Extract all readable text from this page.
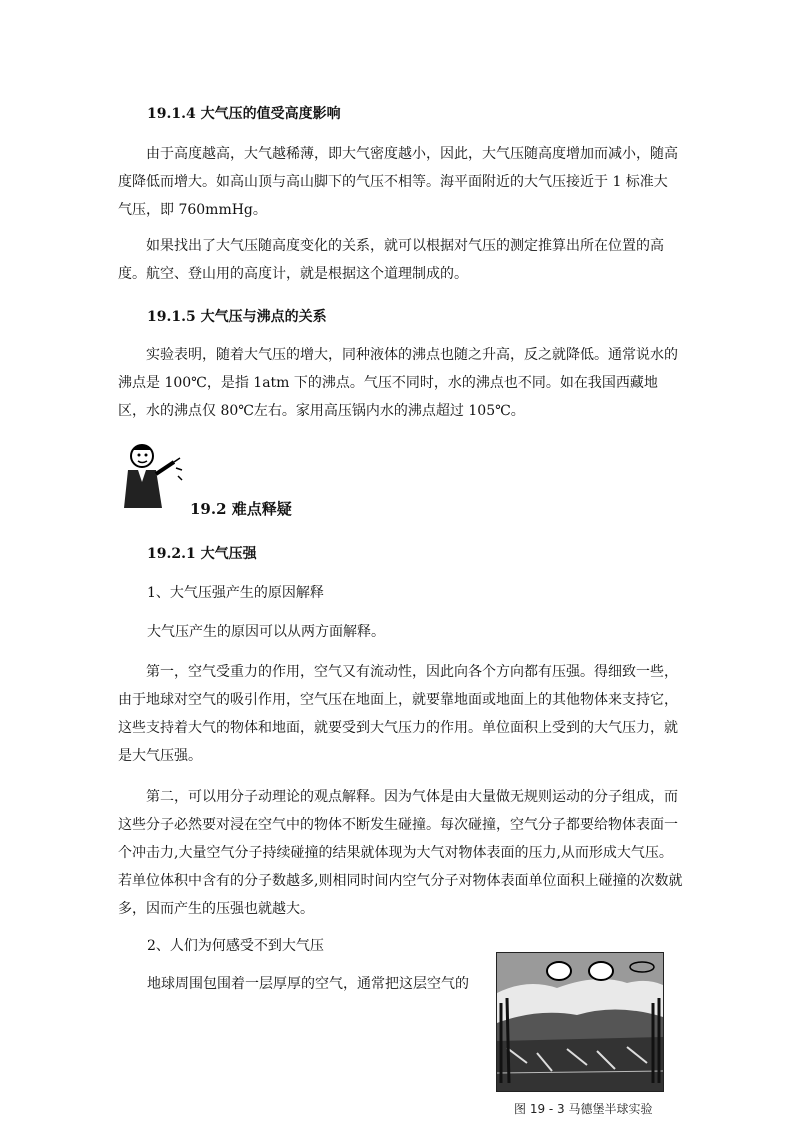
19.1.4 大气压的值受高度影响

由于高度越高，大气越稀薄，即大气密度越小，因此，大气压随高度增加而减小，随高度降低而增大。如高山顶与高山脚下的气压不相等。海平面附近的大气压接近于 1 标准大气压，即 760mmHg。

如果找出了大气压随高度变化的关系，就可以根据对气压的测定推算出所在位置的高度。航空、登山用的高度计，就是根据这个道理制成的。

19.1.5 大气压与沸点的关系

实验表明，随着大气压的增大，同种液体的沸点也随之升高，反之就降低。通常说水的沸点是 100℃，是指 1atm 下的沸点。气压不同时，水的沸点也不同。如在我国西藏地区，水的沸点仅 80℃左右。家用高压锅内水的沸点超过 105℃。

19.2 难点释疑
19.2.1 大气压强
1、大气压强产生的原因解释
大气压产生的原因可以从两方面解释。

第一，空气受重力的作用，空气又有流动性，因此向各个方向都有压强。得细致一些，由于地球对空气的吸引作用，空气压在地面上，就要靠地面或地面上的其他物体来支持它，这些支持着大气的物体和地面，就要受到大气压力的作用。单位面积上受到的大气压力，就是大气压强。

第二，可以用分子动理论的观点解释。因为气体是由大量做无规则运动的分子组成，而这些分子必然要对浸在空气中的物体不断发生碰撞。每次碰撞，空气分子都要给物体表面一个冲击力,大量空气分子持续碰撞的结果就体现为大气对物体表面的压力,从而形成大气压。若单位体积中含有的分子数越多,则相同时间内空气分子对物体表面单位面积上碰撞的次数就多，因而产生的压强也就越大。

2、人们为何感受不到大气压
地球周围包围着一层厚厚的空气，通常把这层空气的
图 19 - 3 马德堡半球实验
